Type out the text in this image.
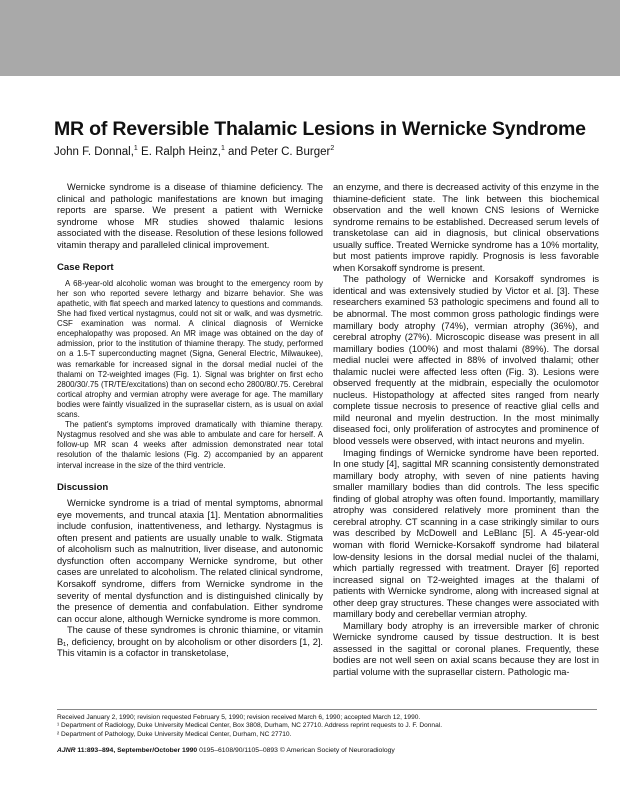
MR of Reversible Thalamic Lesions in Wernicke Syndrome
John F. Donnal,$^1$ E. Ralph Heinz,$^1$ and Peter C. Burger$^2$

Wernicke syndrome is a disease of thiamine deficiency. The clinical and pathologic manifestations are known but imaging reports are sparse. We present a patient with Wernicke syndrome whose MR studies showed thalamic lesions associated with the disease. Resolution of these lesions followed vitamin therapy and paralleled clinical improvement.

Case Report

A 68-year-old alcoholic woman was brought to the emergency room by her son who reported severe lethargy and bizarre behavior. She was apathetic, with flat speech and marked latency to questions and commands. She had fixed vertical nystagmus, could not sit or walk, and was dysmetric. CSF examination was normal. A clinical diagnosis of Wernicke encephalopathy was proposed. An MR image was obtained on the day of admission, prior to the institution of thiamine therapy. The study, performed on a 1.5-T superconducting magnet (Signa, General Electric, Milwaukee), was remarkable for increased signal in the dorsal medial nuclei of the thalami on T2-weighted images (Fig. 1). Signal was brighter on first echo 2800/30/.75 (TR/TE/excitations) than on second echo 2800/80/.75. Cerebral cortical atrophy and vermian atrophy were average for age. The mamillary bodies were faintly visualized in the suprasellar cistern, as is usual on axial scans.

The patient's symptoms improved dramatically with thiamine therapy. Nystagmus resolved and she was able to ambulate and care for herself. A follow-up MR scan 4 weeks after admission demonstrated near total resolution of the thalamic lesions (Fig. 2) accompanied by an apparent interval increase in the size of the third ventricle.

Discussion

Wernicke syndrome is a triad of mental symptoms, abnormal eye movements, and truncal ataxia [1]. Mentation abnormalities include confusion, inattentiveness, and lethargy. Nystagmus is often present and patients are usually unable to walk. Stigmata of alcoholism such as malnutrition, liver disease, and autonomic dysfunction often accompany Wernicke syndrome, but other cases are unrelated to alcoholism. The related clinical syndrome, Korsakoff syndrome, differs from Wernicke syndrome in the severity of mental dysfunction and is distinguished clinically by the presence of dementia and confabulation. Either syndrome can occur alone, although Wernicke syndrome is more common.

The cause of these syndromes is chronic thiamine, or vitamin B₁, deficiency, brought on by alcoholism or other disorders [1, 2]. This vitamin is a cofactor in transketolase,

an enzyme, and there is decreased activity of this enzyme in the thiamine-deficient state. The link between this biochemical observation and the well known CNS lesions of Wernicke syndrome remains to be established. Decreased serum levels of transketolase can aid in diagnosis, but clinical observations usually suffice. Treated Wernicke syndrome has a 10% mortality, but most patients improve rapidly. Prognosis is less favorable when Korsakoff syndrome is present.

The pathology of Wernicke and Korsakoff syndromes is identical and was extensively studied by Victor et al. [3]. These researchers examined 53 pathologic specimens and found all to be abnormal. The most common gross pathologic findings were mamillary body atrophy (74%), vermian atrophy (36%), and cerebral atrophy (27%). Microscopic disease was present in all mamillary bodies (100%) and most thalami (89%). The dorsal medial nuclei were affected in 88% of involved thalami; other thalamic nuclei were affected less often (Fig. 3). Lesions were observed frequently at the midbrain, especially the oculomotor nucleus. Histopathology at affected sites ranged from nearly complete tissue necrosis to presence of reactive glial cells and mild neuronal and myelin destruction. In the most minimally diseased foci, only proliferation of astrocytes and prominence of blood vessels were observed, with intact neurons and myelin.

Imaging findings of Wernicke syndrome have been reported. In one study [4], sagittal MR scanning consistently demonstrated mamillary body atrophy, with seven of nine patients having smaller mamillary bodies than did controls. The less specific finding of global atrophy was often found. Importantly, mamillary atrophy was considered relatively more prominent than the cerebral atrophy. CT scanning in a case strikingly similar to ours was described by McDowell and LeBlanc [5]. A 45-year-old woman with florid Wernicke-Korsakoff syndrome had bilateral low-density lesions in the dorsal medial nuclei of the thalami, which partially regressed with treatment. Drayer [6] reported increased signal on T2-weighted images at the thalami of patients with Wernicke syndrome, along with increased signal at other deep gray structures. These changes were associated with mamillary body and cerebellar vermian atrophy.

Mamillary body atrophy is an irreversible marker of chronic Wernicke syndrome caused by tissue destruction. It is best assessed in the sagittal or coronal planes. Frequently, these bodies are not well seen on axial scans because they are lost in partial volume with the suprasellar cistern. Pathologic ma-

Received January 2, 1990; revision requested February 5, 1990; revision received March 6, 1990; accepted March 12, 1990.
¹ Department of Radiology, Duke University Medical Center, Box 3808, Durham, NC 27710. Address reprint requests to J. F. Donnal.
² Department of Pathology, Duke University Medical Center, Durham, NC 27710.
AJNR 11:893–894, September/October 1990 0195–6108/90/1105–0893 © American Society of Neuroradiology
